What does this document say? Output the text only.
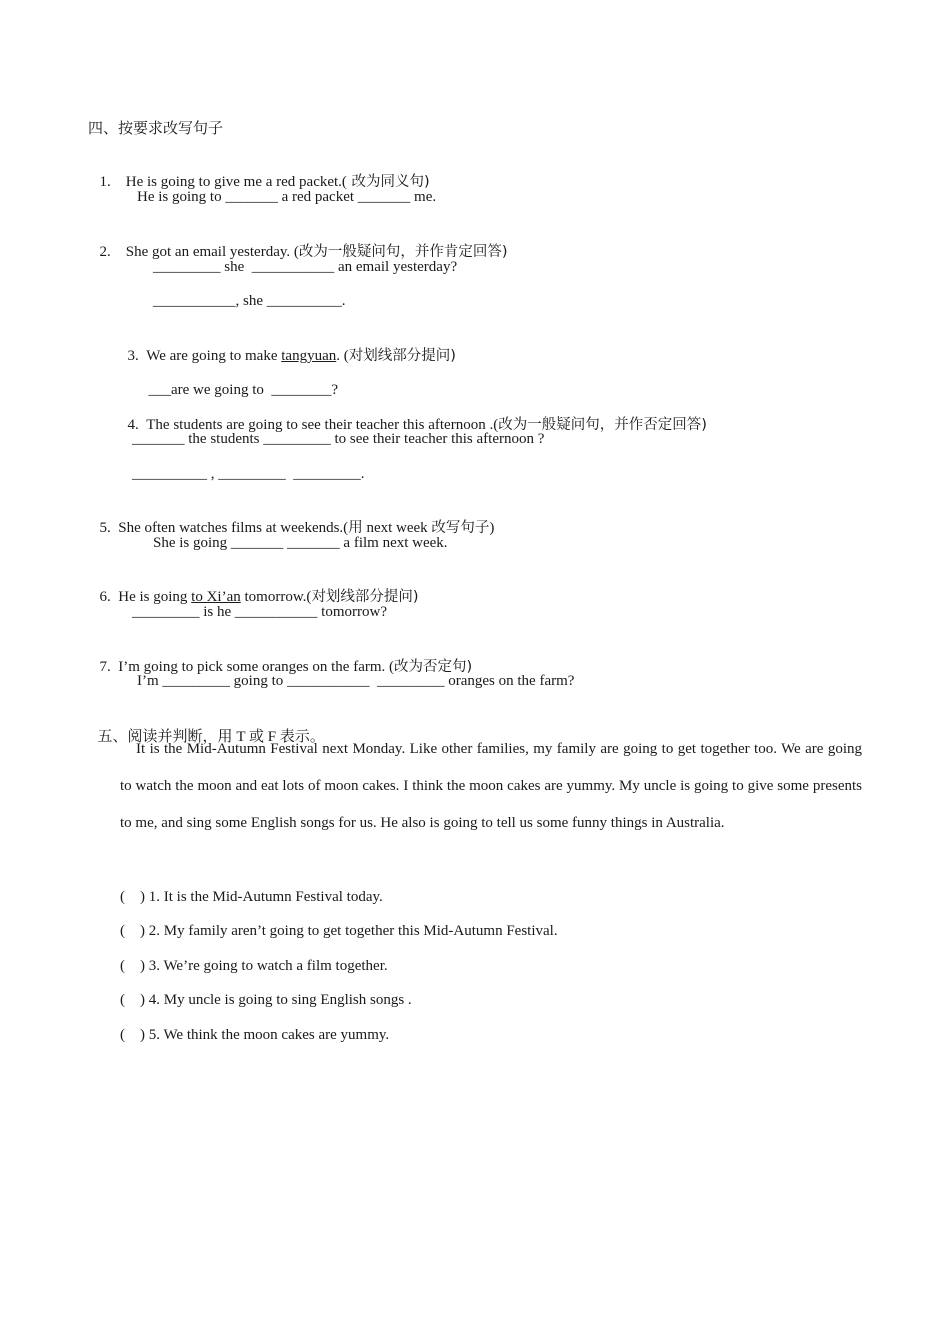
四、按要求改写句子

1. He is going to give me a red packet.( 改为同义句)

He is going to _______ a red packet _______ me.

2. She got an email yesterday. (改为一般疑问句，并作肯定回答)

_________ she  ___________ an email yesterday?
___________, she __________.

3. We are going to make tangyuan. (对划线部分提问)

___are we going to  ________?

4. The students are going to see their teacher this afternoon .(改为一般疑问句，并作否定回答)

_______ the students _________ to see their teacher this afternoon ?
__________ , _________  _________.

5. She often watches films at weekends.(用 next week 改写句子)

She is going _______ _______ a film next week.

6. He is going to Xi’an tomorrow.(对划线部分提问)

_________ is he ___________ tomorrow?

7. I’m going to pick some oranges on the farm. (改为否定句)

I’m _________ going to ___________  _________ oranges on the farm?

五、阅读并判断，用 T 或 F 表示。

It is the Mid-Autumn Festival next Monday. Like other families, my family are going to get together too. We are going to watch the moon and eat lots of moon cakes. I think the moon cakes are yummy. My uncle is going to give some presents to me, and sing some English songs for us. He also is going to tell us some funny things in Australia.
(    ) 1. It is the Mid-Autumn Festival today.
(    ) 2. My family aren’t going to get together this Mid-Autumn Festival.
(    ) 3. We’re going to watch a film together.
(    ) 4. My uncle is going to sing English songs .
(    ) 5. We think the moon cakes are yummy.
